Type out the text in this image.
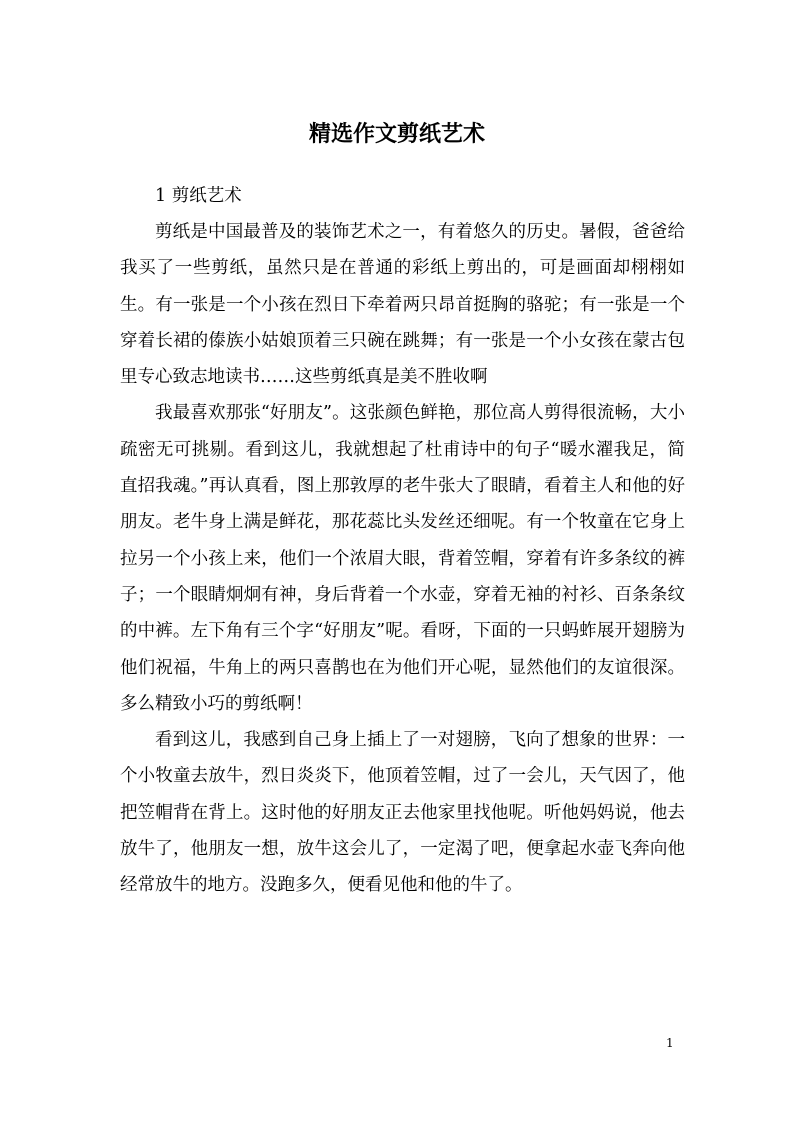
精选作文剪纸艺术

1 剪纸艺术

剪纸是中国最普及的装饰艺术之一，有着悠久的历史。暑假，爸爸给我买了一些剪纸，虽然只是在普通的彩纸上剪出的，可是画面却栩栩如生。有一张是一个小孩在烈日下牵着两只昂首挺胸的骆驼；有一张是一个穿着长裙的傣族小姑娘顶着三只碗在跳舞；有一张是一个小女孩在蒙古包里专心致志地读书……这些剪纸真是美不胜收啊

我最喜欢那张“好朋友”。这张颜色鲜艳，那位高人剪得很流畅，大小疏密无可挑剔。看到这儿，我就想起了杜甫诗中的句子“暖水濯我足，简直招我魂。”再认真看，图上那敦厚的老牛张大了眼睛，看着主人和他的好朋友。老牛身上满是鲜花，那花蕊比头发丝还细呢。有一个牧童在它身上拉另一个小孩上来，他们一个浓眉大眼，背着笠帽，穿着有许多条纹的裤子；一个眼睛炯炯有神，身后背着一个水壶，穿着无袖的衬衫、百条条纹的中裤。左下角有三个字“好朋友”呢。看呀，下面的一只蚂蚱展开翅膀为他们祝福，牛角上的两只喜鹊也在为他们开心呢，显然他们的友谊很深。多么精致小巧的剪纸啊！

看到这儿，我感到自己身上插上了一对翅膀，飞向了想象的世界：一个小牧童去放牛，烈日炎炎下，他顶着笠帽，过了一会儿，天气因了，他把笠帽背在背上。这时他的好朋友正去他家里找他呢。听他妈妈说，他去放牛了，他朋友一想，放牛这会儿了，一定渴了吧，便拿起水壶飞奔向他经常放牛的地方。没跑多久，便看见他和他的牛了。

1
